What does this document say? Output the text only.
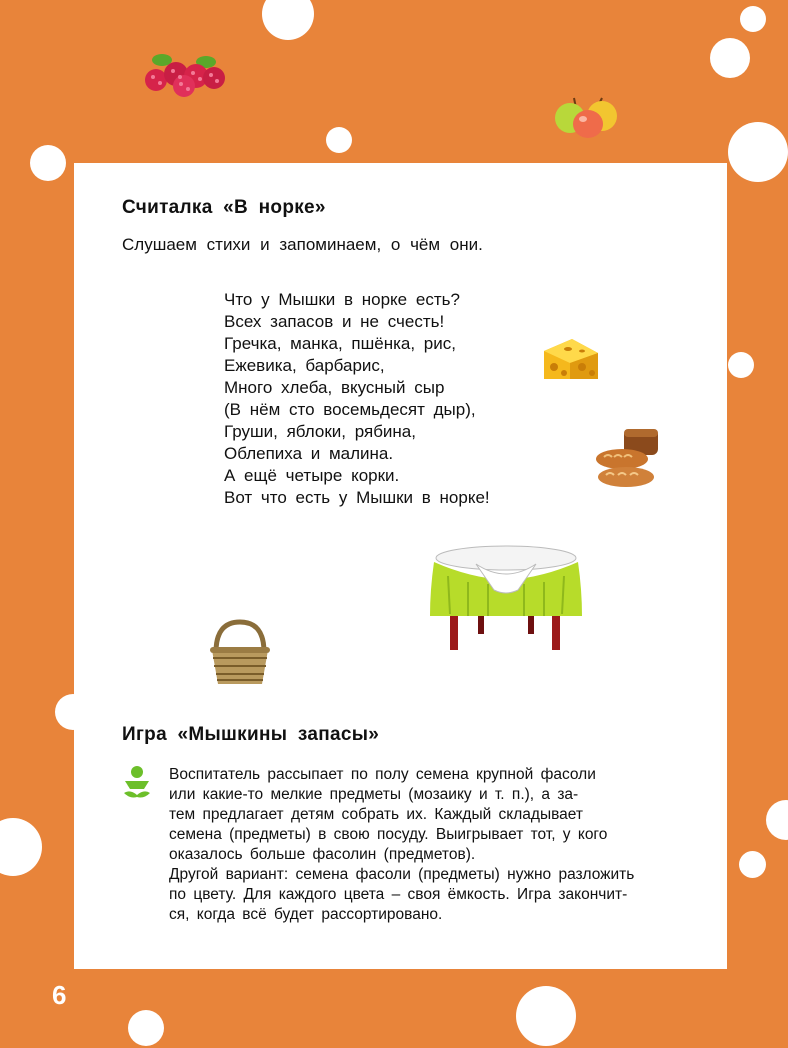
Считалка «В норке»

Слушаем стихи и запоминаем, о чём они.

Что у Мышки в норке есть?
Всех запасов и не счесть!
Гречка, манка, пшёнка, рис,
Ежевика, барбарис,
Много хлеба, вкусный сыр
(В нём сто восемьдесят дыр),
Груши, яблоки, рябина,
Облепиха и малина.
А ещё четыре корки.
Вот что есть у Мышки в норке!
Игра «Мышкины запасы»
Воспитатель рассыпает по полу семена крупной фасоли
или какие-то мелкие предметы (мозаику и т. п.), а за-
тем предлагает детям собрать их. Каждый складывает
семена (предметы) в свою посуду. Выигрывает тот, у кого
оказалось больше фасолин (предметов).
Другой вариант: семена фасоли (предметы) нужно разложить
по цвету. Для каждого цвета – своя ёмкость. Игра закончит-
ся, когда всё будет рассортировано.
6
